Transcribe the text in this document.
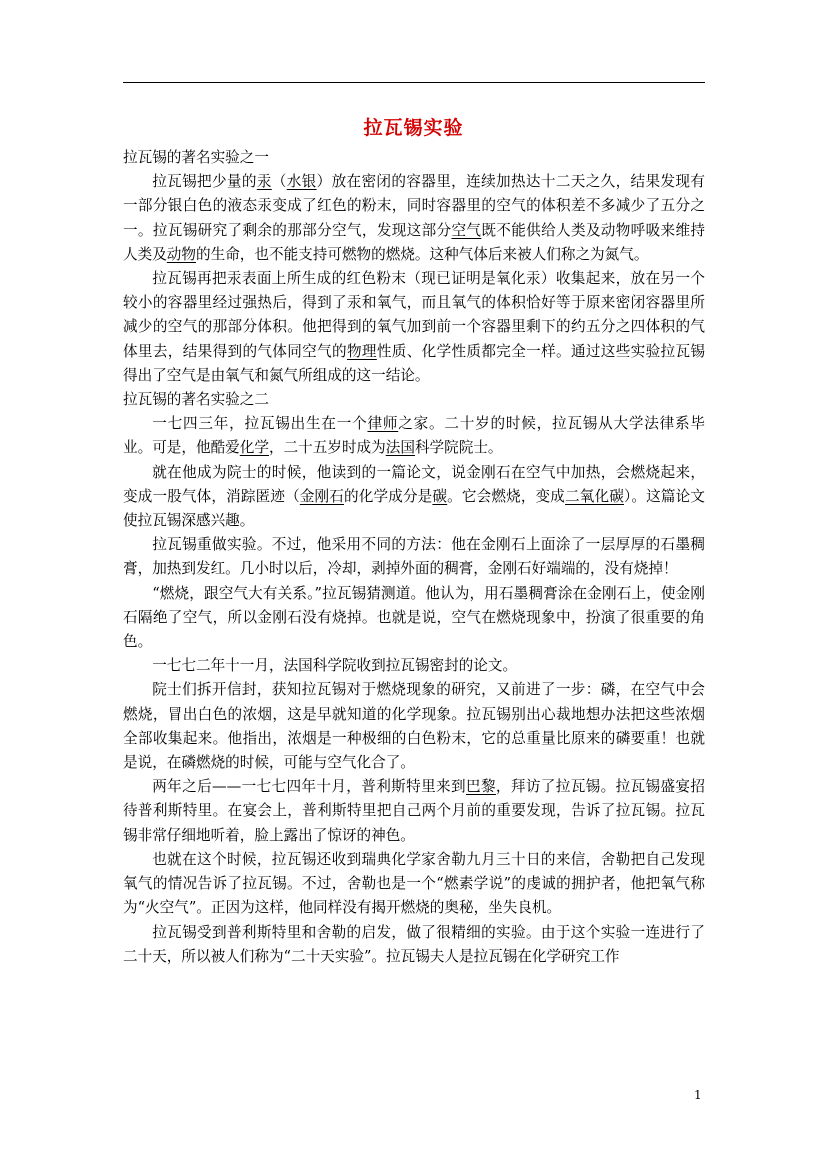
拉瓦锡实验

拉瓦锡的著名实验之一

拉瓦锡把少量的汞（水银）放在密闭的容器里，连续加热达十二天之久，结果发现有一部分银白色的液态汞变成了红色的粉末，同时容器里的空气的体积差不多减少了五分之一。拉瓦锡研究了剩余的那部分空气，发现这部分空气既不能供给人类及动物呼吸来维持人类及动物的生命，也不能支持可燃物的燃烧。这种气体后来被人们称之为氮气。

拉瓦锡再把汞表面上所生成的红色粉末（现已证明是氧化汞）收集起来，放在另一个较小的容器里经过强热后，得到了汞和氧气，而且氧气的体积恰好等于原来密闭容器里所减少的空气的那部分体积。他把得到的氧气加到前一个容器里剩下的约五分之四体积的气体里去，结果得到的气体同空气的物理性质、化学性质都完全一样。通过这些实验拉瓦锡得出了空气是由氧气和氮气所组成的这一结论。

拉瓦锡的著名实验之二

一七四三年，拉瓦锡出生在一个律师之家。二十岁的时候，拉瓦锡从大学法律系毕业。可是，他酷爱化学，二十五岁时成为法国科学院院士。

就在他成为院士的时候，他读到的一篇论文，说金刚石在空气中加热，会燃烧起来，变成一股气体，消踪匿迹（金刚石的化学成分是碳。它会燃烧，变成二氧化碳）。这篇论文使拉瓦锡深感兴趣。

拉瓦锡重做实验。不过，他采用不同的方法：他在金刚石上面涂了一层厚厚的石墨稠膏，加热到发红。几小时以后，冷却，剥掉外面的稠膏，金刚石好端端的，没有烧掉！

“燃烧，跟空气大有关系。”拉瓦锡猜测道。他认为，用石墨稠膏涂在金刚石上，使金刚石隔绝了空气，所以金刚石没有烧掉。也就是说，空气在燃烧现象中，扮演了很重要的角色。

一七七二年十一月，法国科学院收到拉瓦锡密封的论文。

院士们拆开信封，获知拉瓦锡对于燃烧现象的研究，又前进了一步：磷，在空气中会燃烧，冒出白色的浓烟，这是早就知道的化学现象。拉瓦锡别出心裁地想办法把这些浓烟全部收集起来。他指出，浓烟是一种极细的白色粉末，它的总重量比原来的磷要重！也就是说，在磷燃烧的时候，可能与空气化合了。

两年之后——一七七四年十月，普利斯特里来到巴黎，拜访了拉瓦锡。拉瓦锡盛宴招待普利斯特里。在宴会上，普利斯特里把自己两个月前的重要发现，告诉了拉瓦锡。拉瓦锡非常仔细地听着，脸上露出了惊讶的神色。

也就在这个时候，拉瓦锡还收到瑞典化学家舍勒九月三十日的来信，舍勒把自己发现氧气的情况告诉了拉瓦锡。不过，舍勒也是一个“燃素学说”的虔诚的拥护者，他把氧气称为“火空气”。正因为这样，他同样没有揭开燃烧的奥秘，坐失良机。

拉瓦锡受到普利斯特里和舍勒的启发，做了很精细的实验。由于这个实验一连进行了二十天，所以被人们称为“二十天实验”。拉瓦锡夫人是拉瓦锡在化学研究工作

1
